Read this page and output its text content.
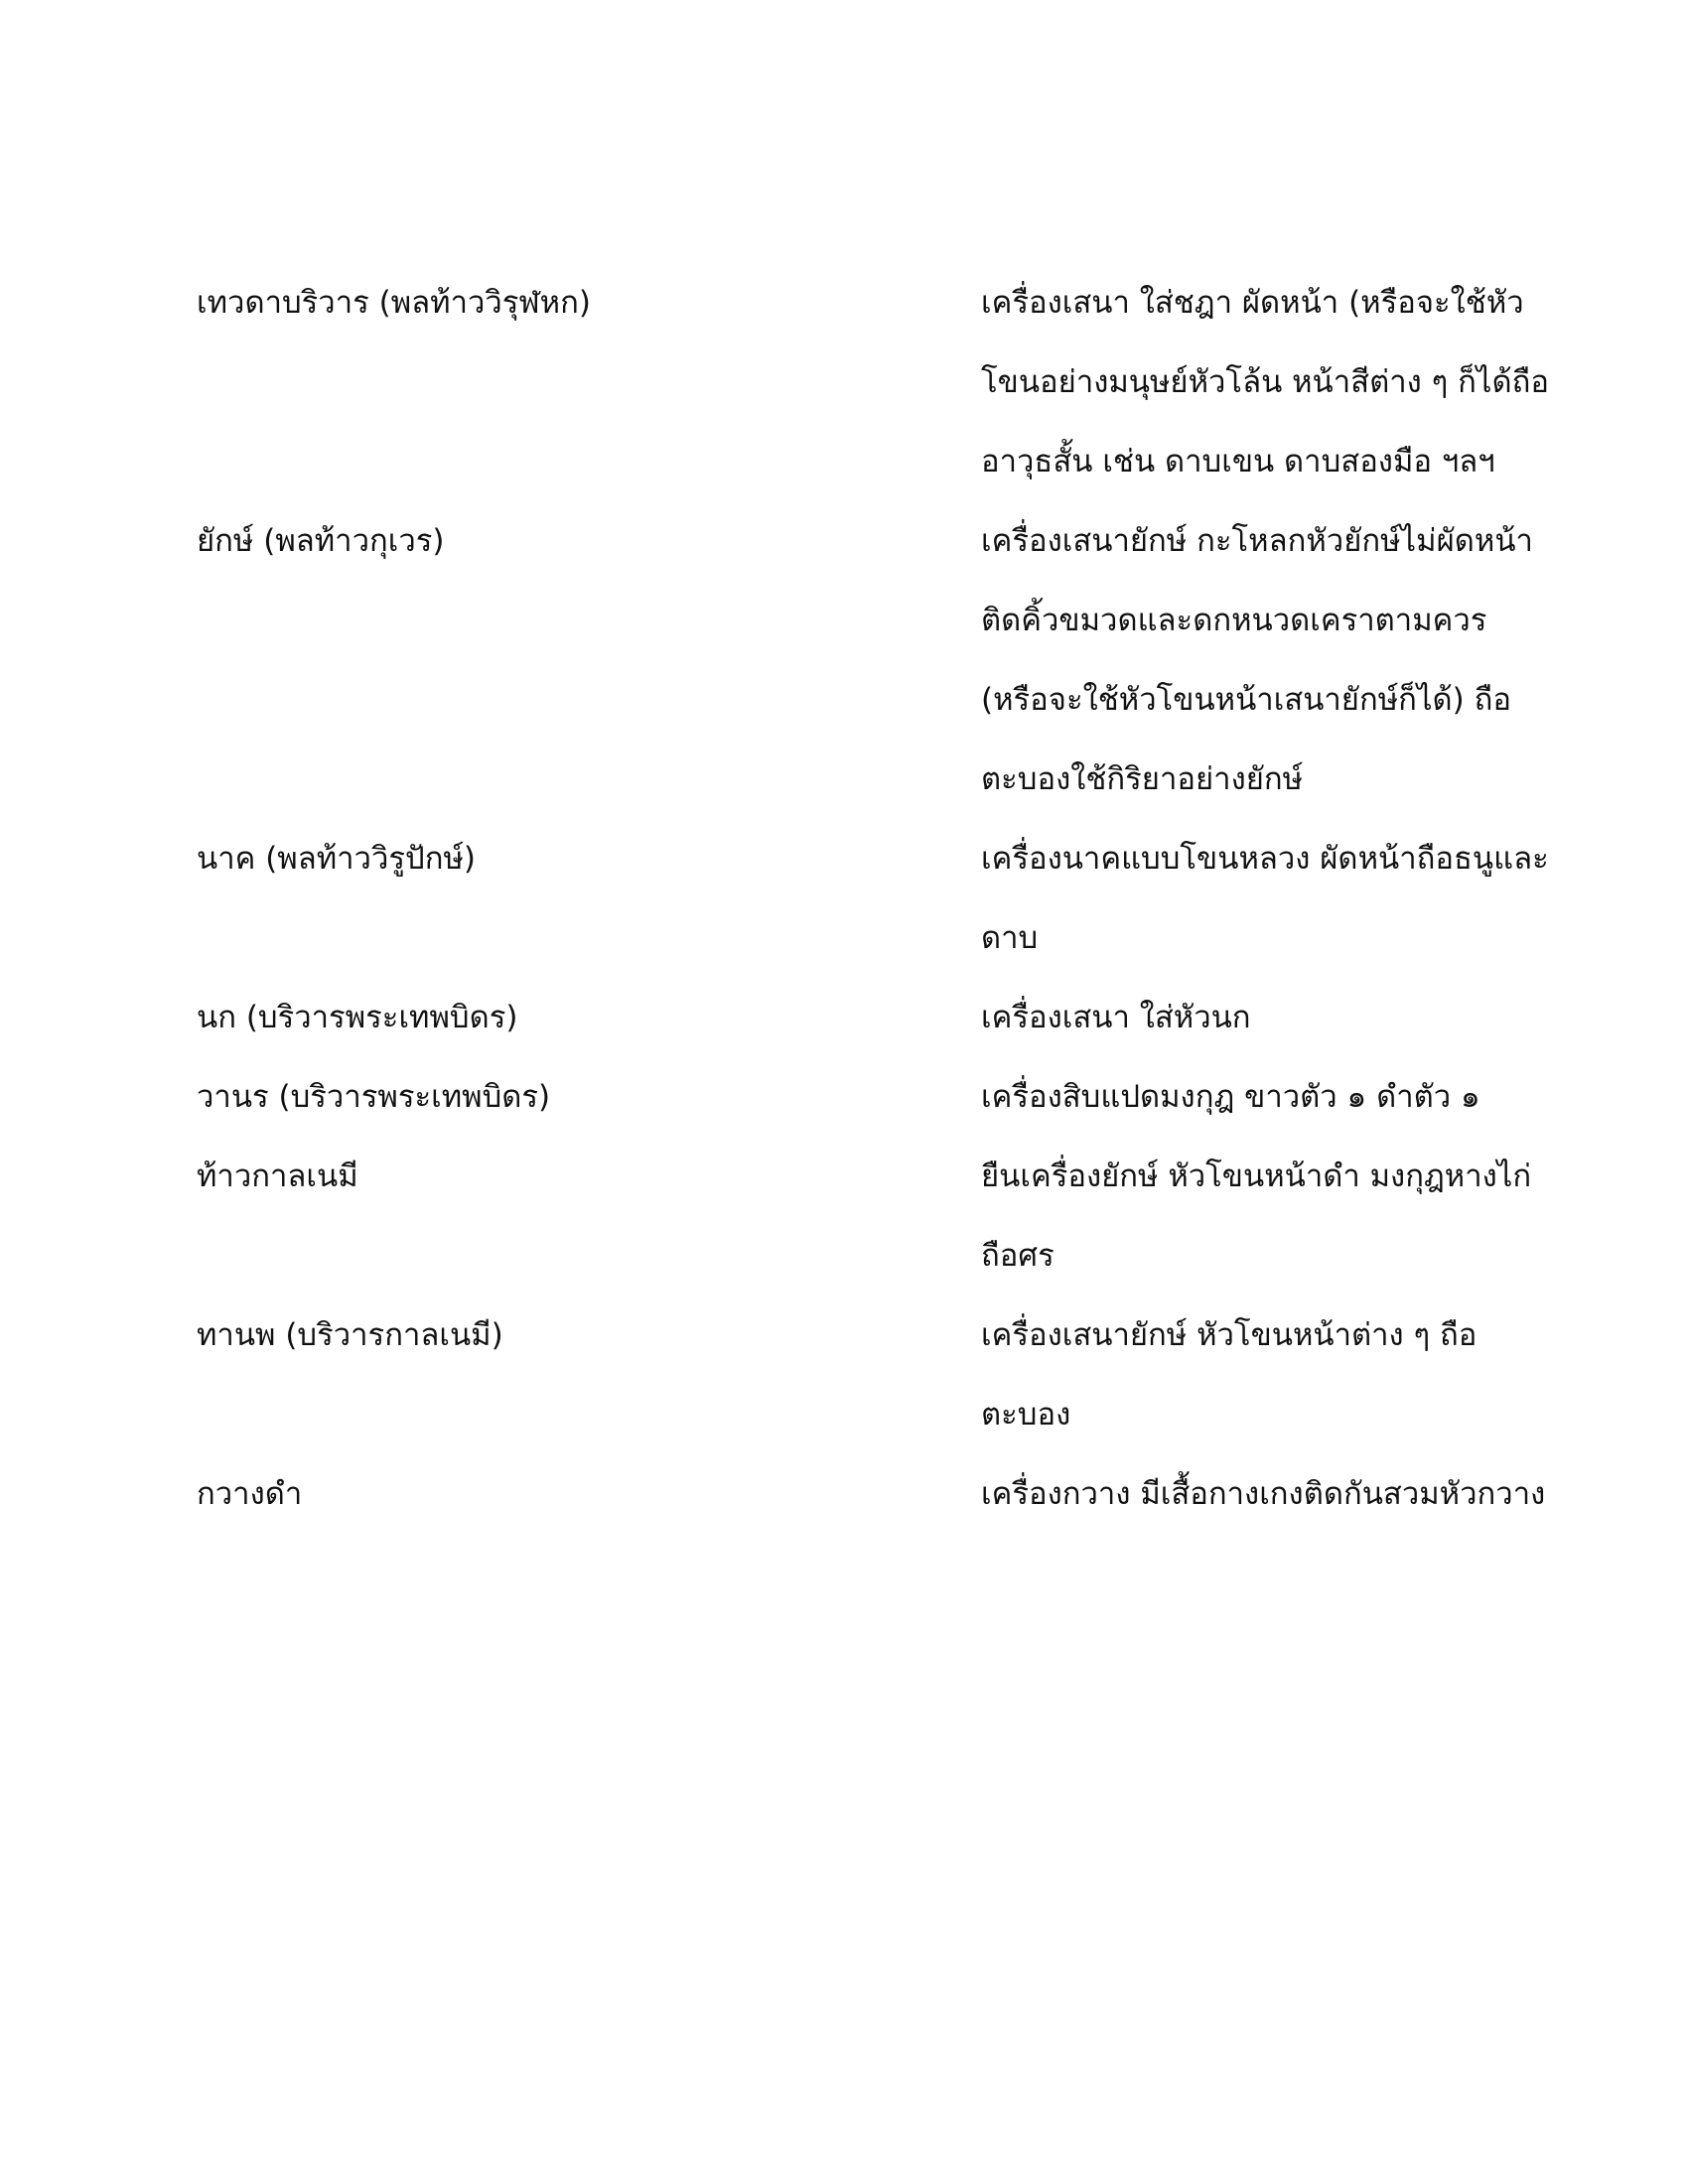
เทวดาบริวาร (พลท้าววิรุฬหก)	เครื่องเสนา ใส่ชฎา ผัดหน้า (หรือจะใช้หัว
โขนอย่างมนุษย์หัวโล้น หน้าสีต่าง ๆ ก็ได้ถือ
อาวุธสั้น เช่น ดาบเขน ดาบสองมือ ฯลฯ
ยักษ์ (พลท้าวกุเวร)	เครื่องเสนายักษ์ กะโหลกหัวยักษ์ไม่ผัดหน้า
ติดคิ้วขมวดและดกหนวดเคราตามควร
(หรือจะใช้หัวโขนหน้าเสนายักษ์ก็ได้) ถือ
ตะบองใช้กิริยาอย่างยักษ์
นาค (พลท้าววิรูปักษ์)	เครื่องนาคแบบโขนหลวง ผัดหน้าถือธนูและ
ดาบ
นก (บริวารพระเทพบิดร)	เครื่องเสนา ใส่หัวนก
วานร (บริวารพระเทพบิดร)	เครื่องสิบแปดมงกุฎ ขาวตัว ๑ ดำตัว ๑
ท้าวกาลเนมี	ยืนเครื่องยักษ์ หัวโขนหน้าดำ มงกุฎหางไก่
ถือศร
ทานพ (บริวารกาลเนมี)	เครื่องเสนายักษ์ หัวโขนหน้าต่าง ๆ ถือ
ตะบอง
กวางดำ	เครื่องกวาง มีเสื้อกางเกงติดกันสวมหัวกวาง
